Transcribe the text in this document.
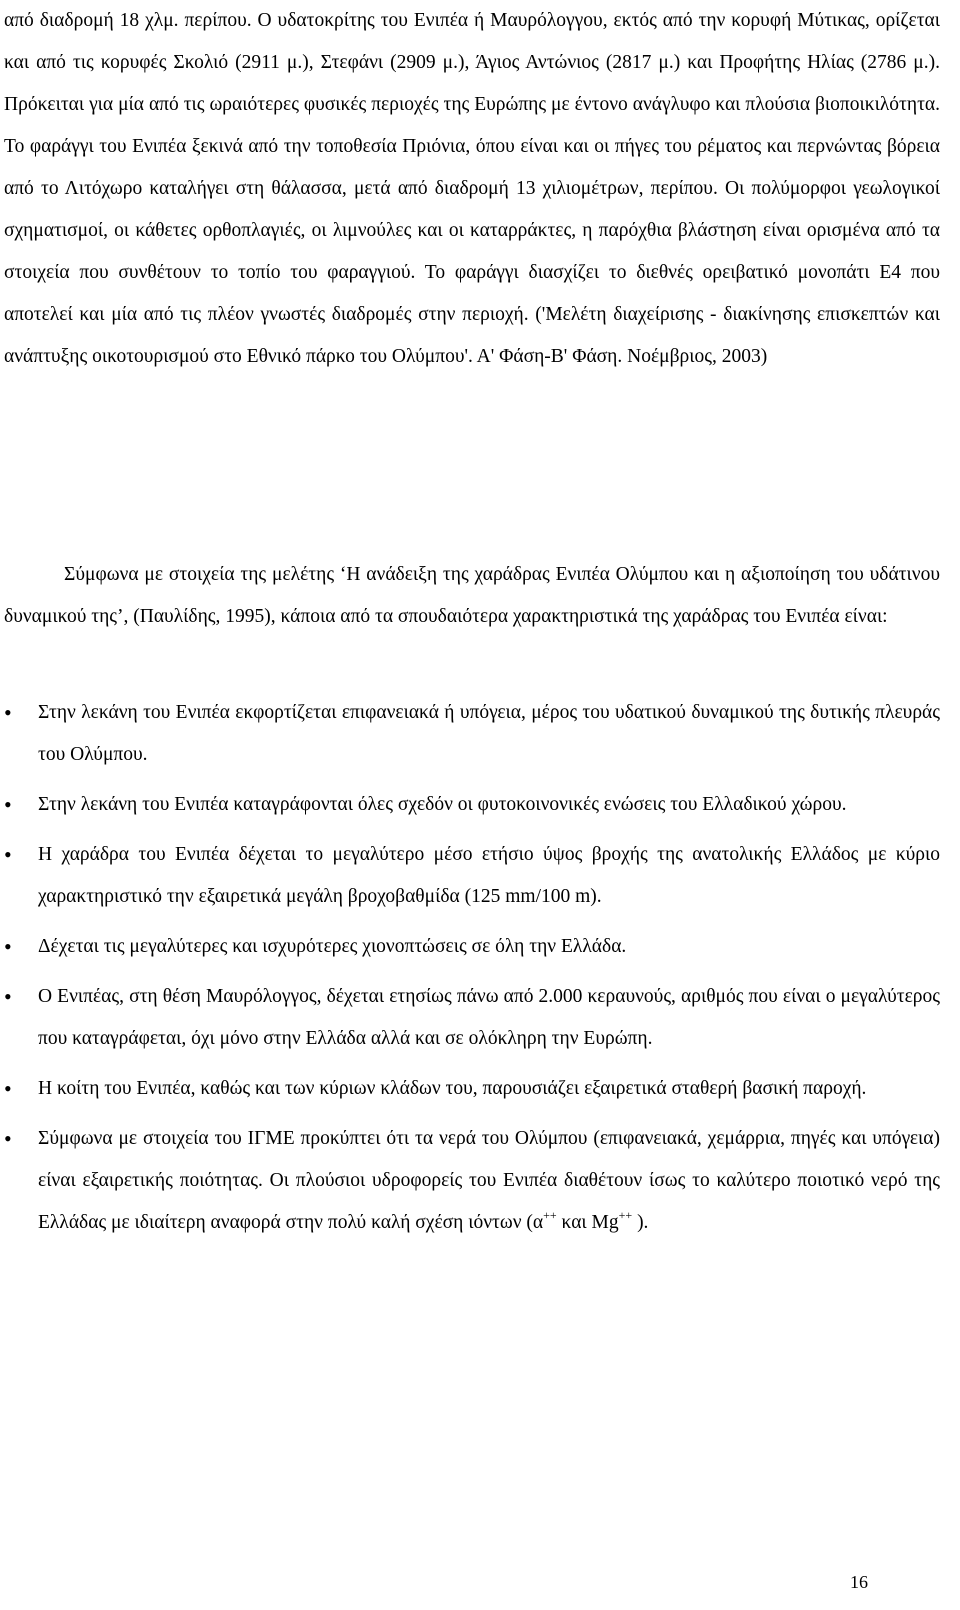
από διαδρομή 18 χλμ. περίπου. Ο υδατοκρίτης του Ενιπέα ή Μαυρόλογγου, εκτός από την κορυφή Μύτικας, ορίζεται και από τις κορυφές Σκολιό (2911 μ.), Στεφάνι (2909 μ.), Άγιος Αντώνιος (2817 μ.) και Προφήτης Ηλίας (2786 μ.). Πρόκειται για μία από τις ωραιότερες φυσικές περιοχές της Ευρώπης με έντονο ανάγλυφο και πλούσια βιοποικιλότητα. Το φαράγγι του Ενιπέα ξεκινά από την τοποθεσία Πριόνια, όπου είναι και οι πήγες του ρέματος και περνώντας βόρεια από το Λιτόχωρο καταλήγει στη θάλασσα, μετά από διαδρομή 13 χιλιομέτρων, περίπου. Οι πολύμορφοι γεωλογικοί σχηματισμοί, οι κάθετες ορθοπλαγιές, οι λιμνούλες και οι καταρράκτες, η παρόχθια βλάστηση είναι ορισμένα από τα στοιχεία που συνθέτουν το τοπίο του φαραγγιού. Το φαράγγι διασχίζει το διεθνές ορειβατικό μονοπάτι Ε4 που αποτελεί και μία από τις πλέον γνωστές διαδρομές στην περιοχή. ('Μελέτη διαχείρισης - διακίνησης επισκεπτών και ανάπτυξης οικοτουρισμού στο Εθνικό πάρκο του Ολύμπου'. Α' Φάση-Β' Φάση. Νοέμβριος, 2003)

Σύμφωνα με στοιχεία της μελέτης ‘Η ανάδειξη της χαράδρας Ενιπέα Ολύμπου και η αξιοποίηση του υδάτινου δυναμικού της’, (Παυλίδης, 1995), κάποια από τα σπουδαιότερα χαρακτηριστικά της χαράδρας του Ενιπέα είναι:

• Στην λεκάνη του Ενιπέα εκφορτίζεται επιφανειακά ή υπόγεια, μέρος του υδατικού δυναμικού της δυτικής πλευράς του Ολύμπου.
• Στην λεκάνη του Ενιπέα καταγράφονται όλες σχεδόν οι φυτοκοινονικές ενώσεις του Ελλαδικού χώρου.
• Η χαράδρα του Ενιπέα δέχεται το μεγαλύτερο μέσο ετήσιο ύψος βροχής της ανατολικής Ελλάδος με κύριο χαρακτηριστικό την εξαιρετικά μεγάλη βροχοβαθμίδα (125 mm/100 m).
• Δέχεται τις μεγαλύτερες και ισχυρότερες χιονοπτώσεις σε όλη την Ελλάδα.
• Ο Ενιπέας, στη θέση Μαυρόλογγος, δέχεται ετησίως πάνω από 2.000 κεραυνούς, αριθμός που είναι ο μεγαλύτερος που καταγράφεται, όχι μόνο στην Ελλάδα αλλά και σε ολόκληρη την Ευρώπη.
• Η κοίτη του Ενιπέα, καθώς και των κύριων κλάδων του, παρουσιάζει εξαιρετικά σταθερή βασική παροχή.
• Σύμφωνα με στοιχεία του ΙΓΜΕ προκύπτει ότι τα νερά του Ολύμπου (επιφανειακά, χεμάρρια, πηγές και υπόγεια) είναι εξαιρετικής ποιότητας. Οι πλούσιοι υδροφορείς του Ενιπέα διαθέτουν ίσως το καλύτερο ποιοτικό νερό της Ελλάδας με ιδιαίτερη αναφορά στην πολύ καλή σχέση ιόντων (α++ και Mg++ ).
16
